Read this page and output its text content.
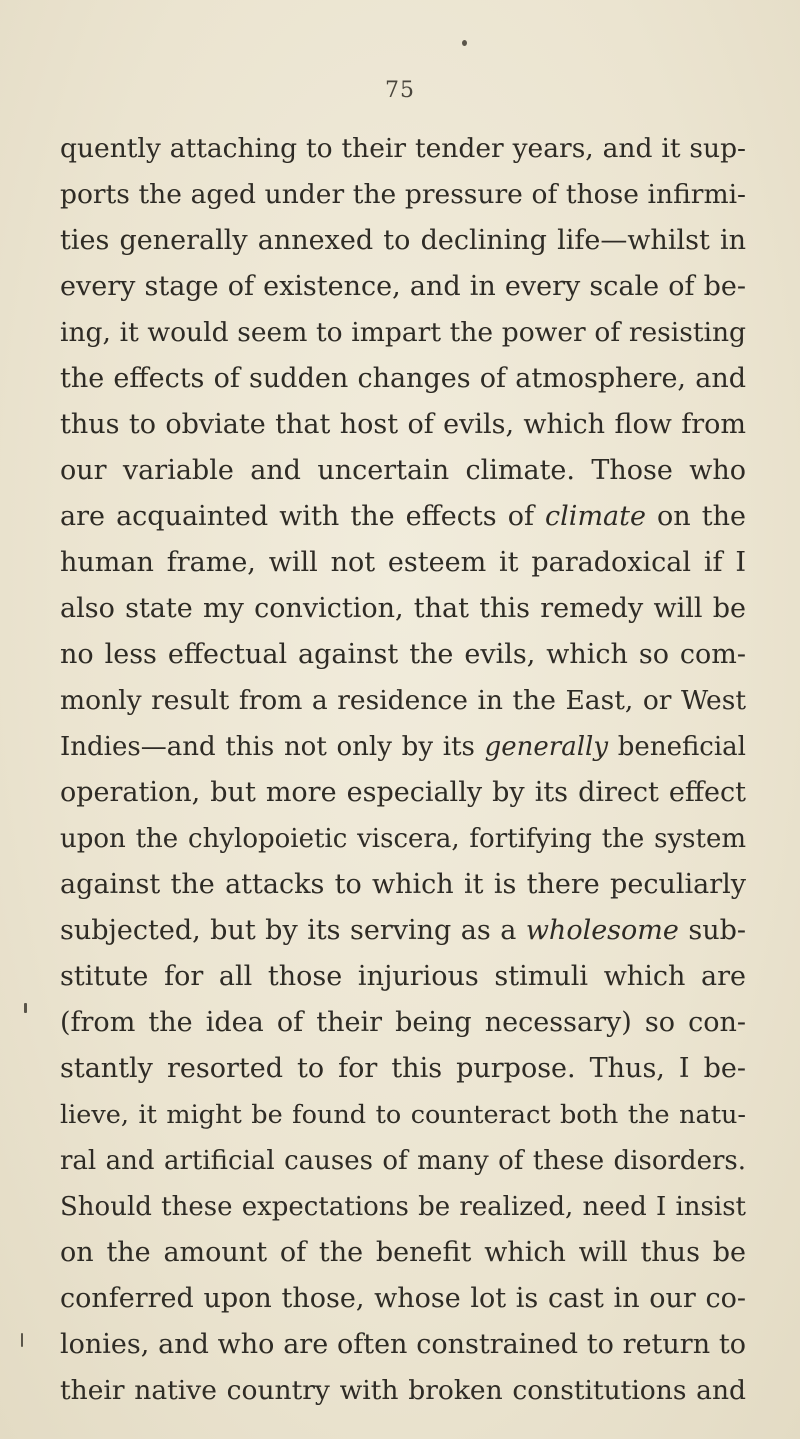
75
quently attaching to their tender years, and it sup-
ports the aged under the pressure of those infirmi-
ties generally annexed to declining life—whilst in
every stage of existence, and in every scale of be-
ing, it would seem to impart the power of resisting
the effects of sudden changes of atmosphere, and
thus to obviate that host of evils, which flow from
our variable and uncertain climate. Those who
are acquainted with the effects of climate on the
human frame, will not esteem it paradoxical if I
also state my conviction, that this remedy will be
no less effectual against the evils, which so com-
monly result from a residence in the East, or West
Indies—and this not only by its generally beneficial
operation, but more especially by its direct effect
upon the chylopoietic viscera, fortifying the system
against the attacks to which it is there peculiarly
subjected, but by its serving as a wholesome sub-
stitute for all those injurious stimuli which are
(from the idea of their being necessary) so con-
stantly resorted to for this purpose. Thus, I be-
lieve, it might be found to counteract both the natu-
ral and artificial causes of many of these disorders.
Should these expectations be realized, need I insist
on the amount of the benefit which will thus be
conferred upon those, whose lot is cast in our co-
lonies, and who are often constrained to return to
their native country with broken constitutions and
